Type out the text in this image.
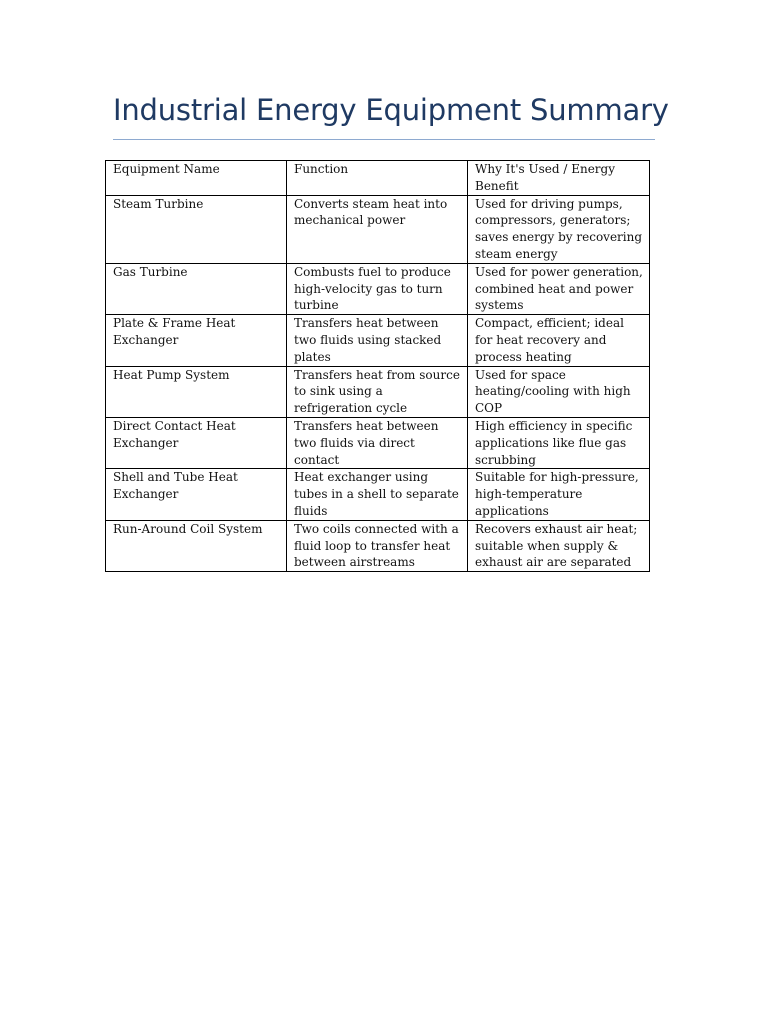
Industrial Energy Equipment Summary
Equipment Name	Function	Why It's Used / Energy Benefit
Steam Turbine	Converts steam heat into mechanical power	Used for driving pumps, compressors, generators; saves energy by recovering steam energy
Gas Turbine	Combusts fuel to produce high-velocity gas to turn turbine	Used for power generation, combined heat and power systems
Plate & Frame Heat Exchanger	Transfers heat between two fluids using stacked plates	Compact, efficient; ideal for heat recovery and process heating
Heat Pump System	Transfers heat from source to sink using a refrigeration cycle	Used for space heating/cooling with high COP
Direct Contact Heat Exchanger	Transfers heat between two fluids via direct contact	High efficiency in specific applications like flue gas scrubbing
Shell and Tube Heat Exchanger	Heat exchanger using tubes in a shell to separate fluids	Suitable for high-pressure, high-temperature applications
Run-Around Coil System	Two coils connected with a fluid loop to transfer heat between airstreams	Recovers exhaust air heat; suitable when supply & exhaust air are separated
